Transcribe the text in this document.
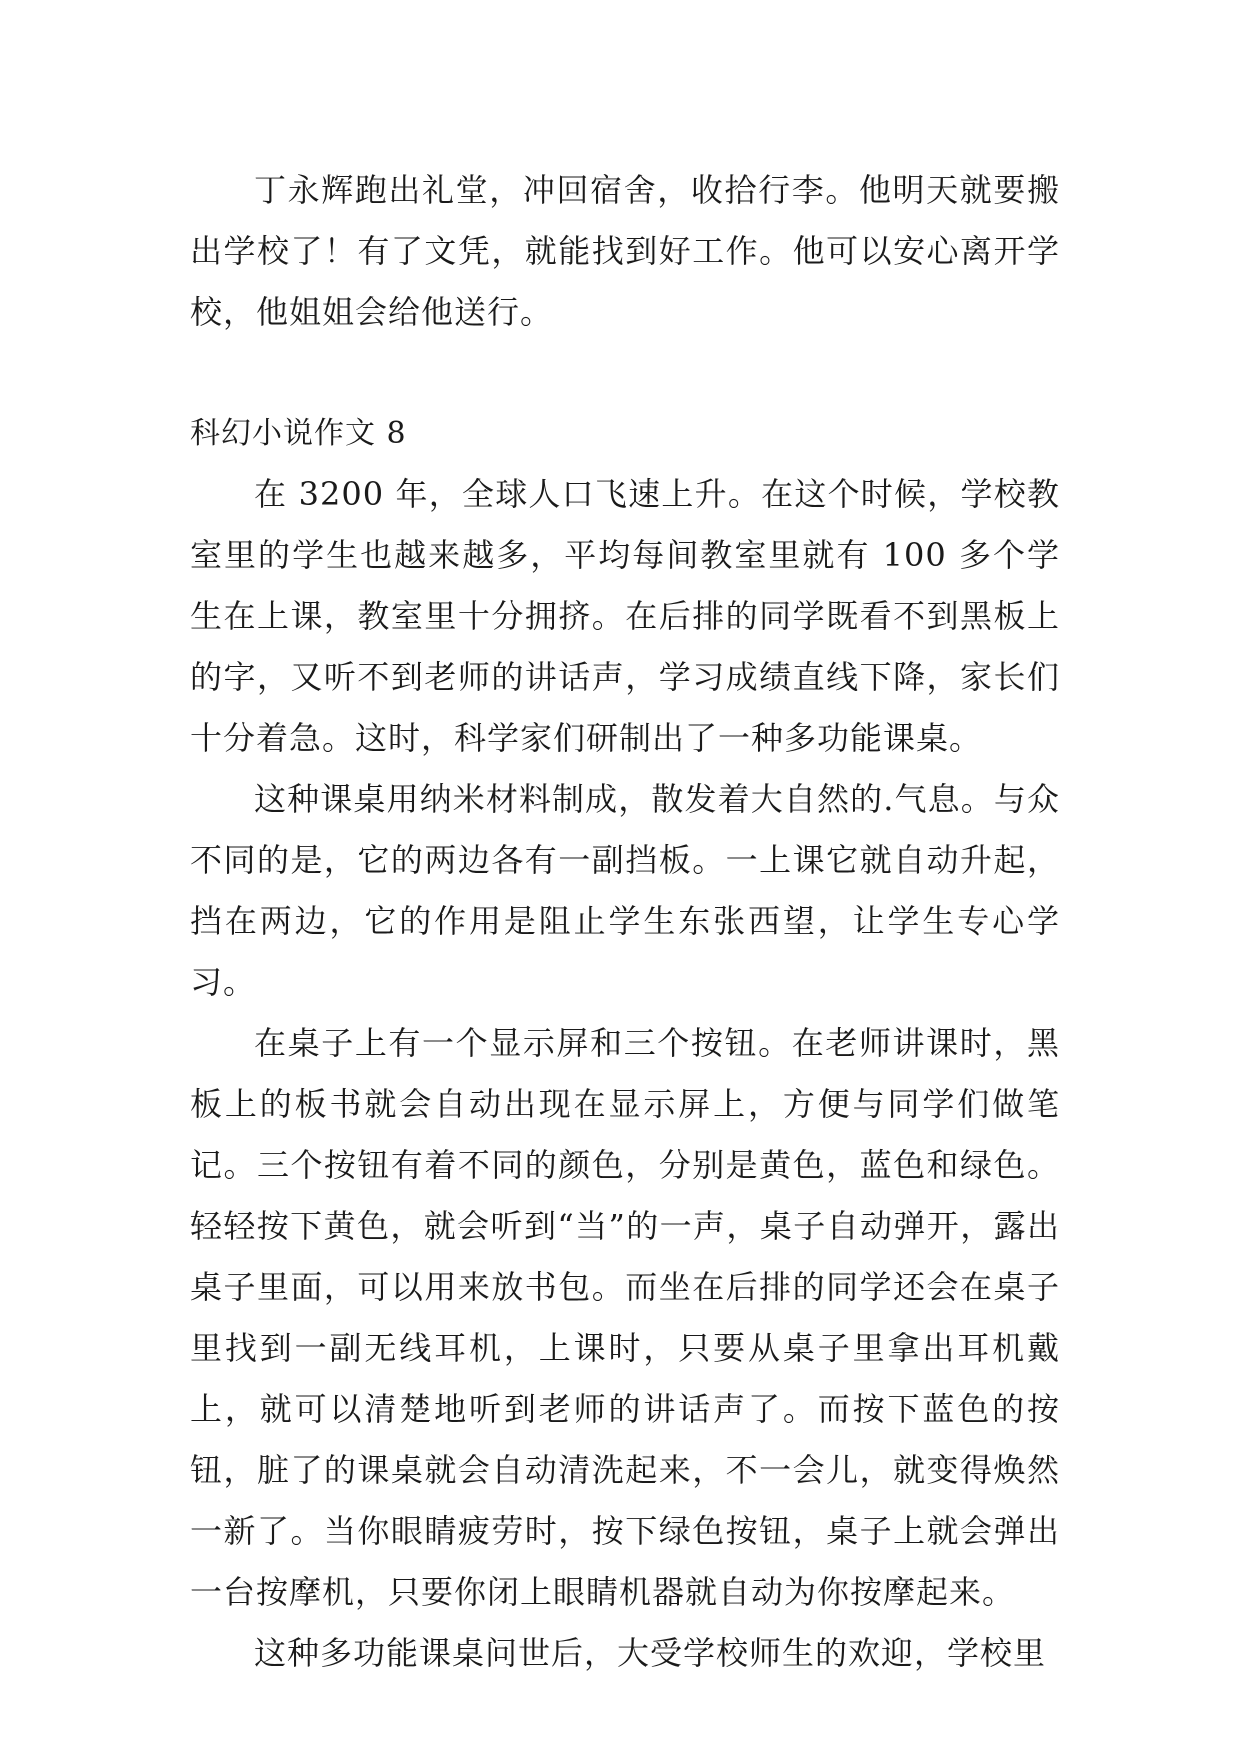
丁永辉跑出礼堂，冲回宿舍，收拾行李。他明天就要搬出学校了！有了文凭，就能找到好工作。他可以安心离开学校，他姐姐会给他送行。

科幻小说作文 8

在 3200 年，全球人口飞速上升。在这个时候，学校教室里的学生也越来越多，平均每间教室里就有 100 多个学生在上课，教室里十分拥挤。在后排的同学既看不到黑板上的字，又听不到老师的讲话声，学习成绩直线下降，家长们十分着急。这时，科学家们研制出了一种多功能课桌。

这种课桌用纳米材料制成，散发着大自然的.气息。与众不同的是，它的两边各有一副挡板。一上课它就自动升起，挡在两边，它的作用是阻止学生东张西望，让学生专心学习。

在桌子上有一个显示屏和三个按钮。在老师讲课时，黑板上的板书就会自动出现在显示屏上，方便与同学们做笔记。三个按钮有着不同的颜色，分别是黄色，蓝色和绿色。轻轻按下黄色，就会听到“当”的一声，桌子自动弹开，露出桌子里面，可以用来放书包。而坐在后排的同学还会在桌子里找到一副无线耳机，上课时，只要从桌子里拿出耳机戴上，就可以清楚地听到老师的讲话声了。而按下蓝色的按钮，脏了的课桌就会自动清洗起来，不一会儿，就变得焕然一新了。当你眼睛疲劳时，按下绿色按钮，桌子上就会弹出一台按摩机，只要你闭上眼睛机器就自动为你按摩起来。

这种多功能课桌问世后，大受学校师生的欢迎，学校里
